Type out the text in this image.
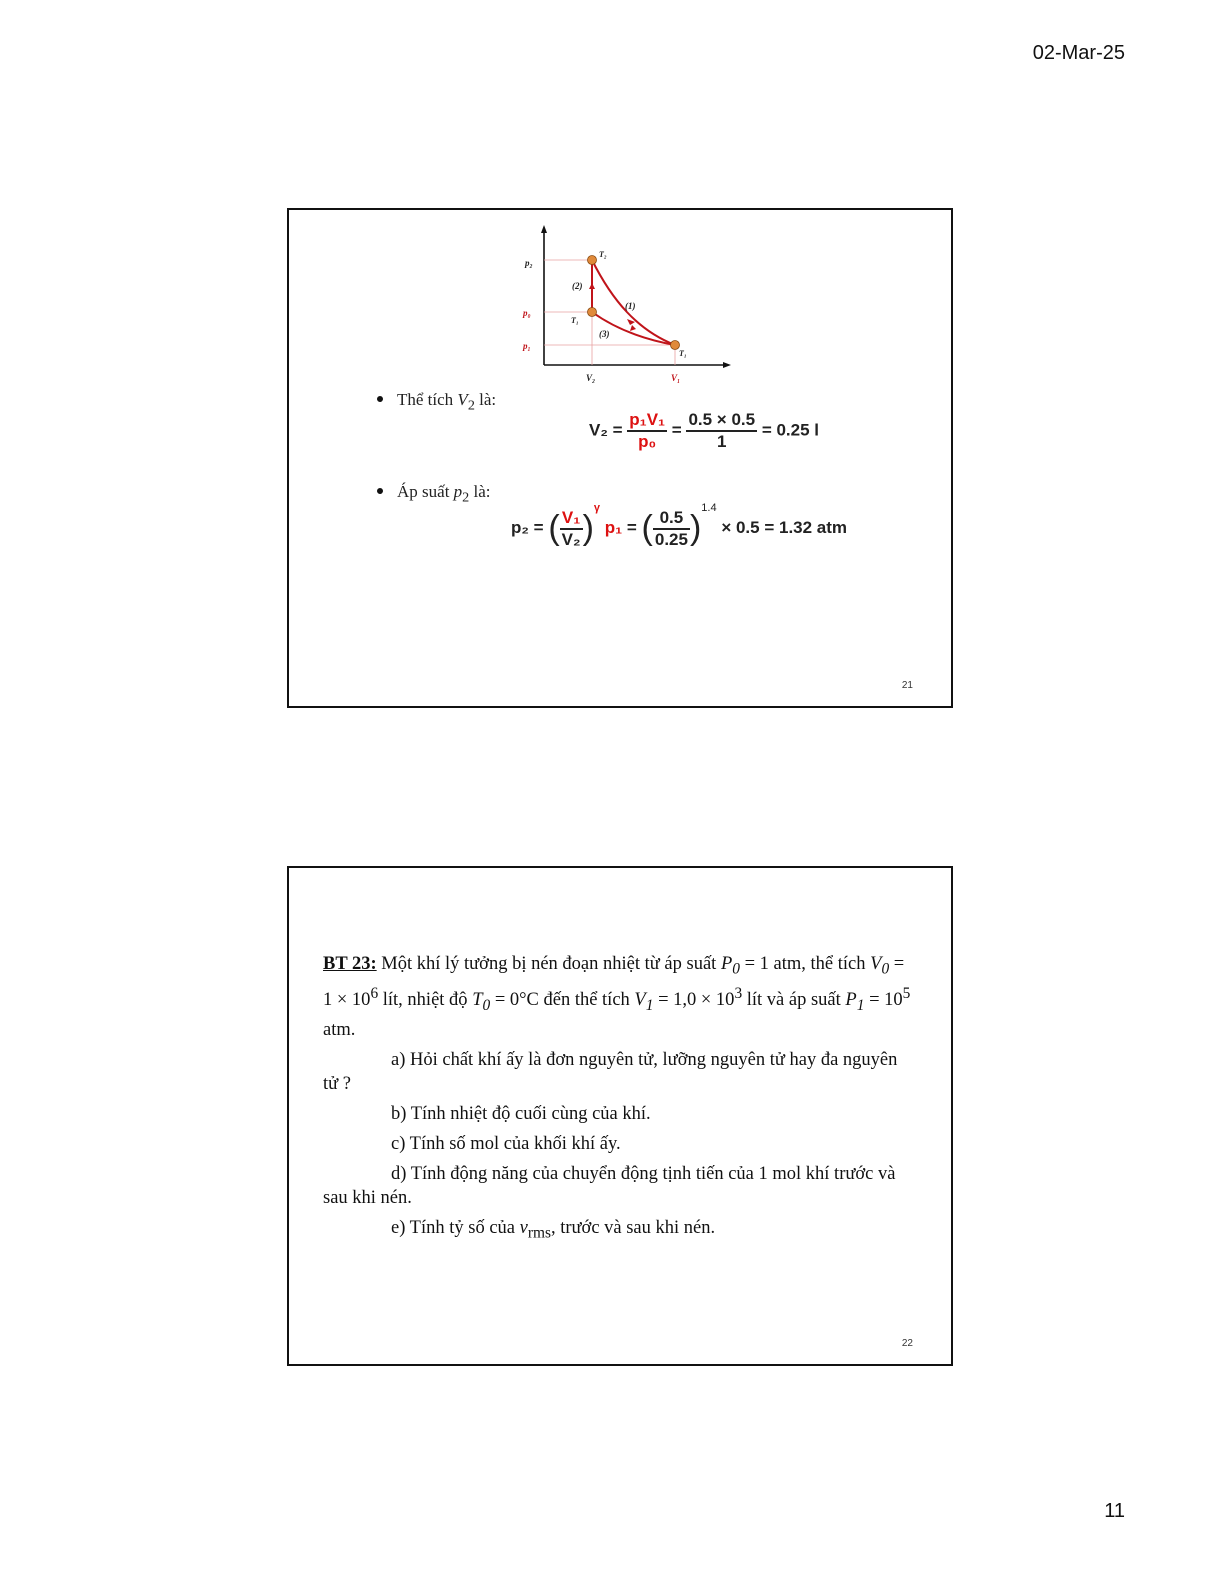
02-Mar-25
p₂
p₀
p₁
V₂	V₁
T₂
T₁
T₁
(1)
(2)
(3)
Thể tích $V_2$ là:
$V_2 = \frac{\text{p₁V₁}}{\text{p₀}} = \frac{0.5 \times 0.5}{1} = 0.25$ l
Áp suất $p_2$ là:
p₂ = ( $\frac{\text{V₁}}{\text{V₂}} )^\gamma$ p₁ = ( $\frac{0.5}{0.25} )^{1.4} \times 0.5 = 1.32$ atm
21

BT 23: Một khí lý tưởng bị nén đoạn nhiệt từ áp suất $P_0 = 1$ atm, thể tích $V_0 = 1 \times 10^6$ lít, nhiệt độ $T_0 = 0^\circ C$ đến thể tích $V_1 = 1,0 \times 10^3$ lít và áp suất $P_1 = 10^5$ atm.

a) Hỏi chất khí ấy là đơn nguyên tử, lưỡng nguyên tử hay đa nguyên tử ?

b) Tính nhiệt độ cuối cùng của khí.

c) Tính số mol của khối khí ấy.

d) Tính động năng của chuyển động tịnh tiến của 1 mol khí trước và sau khi nén.

e) Tính tỷ số của $v_{rms}$, trước và sau khi nén.

22
11
